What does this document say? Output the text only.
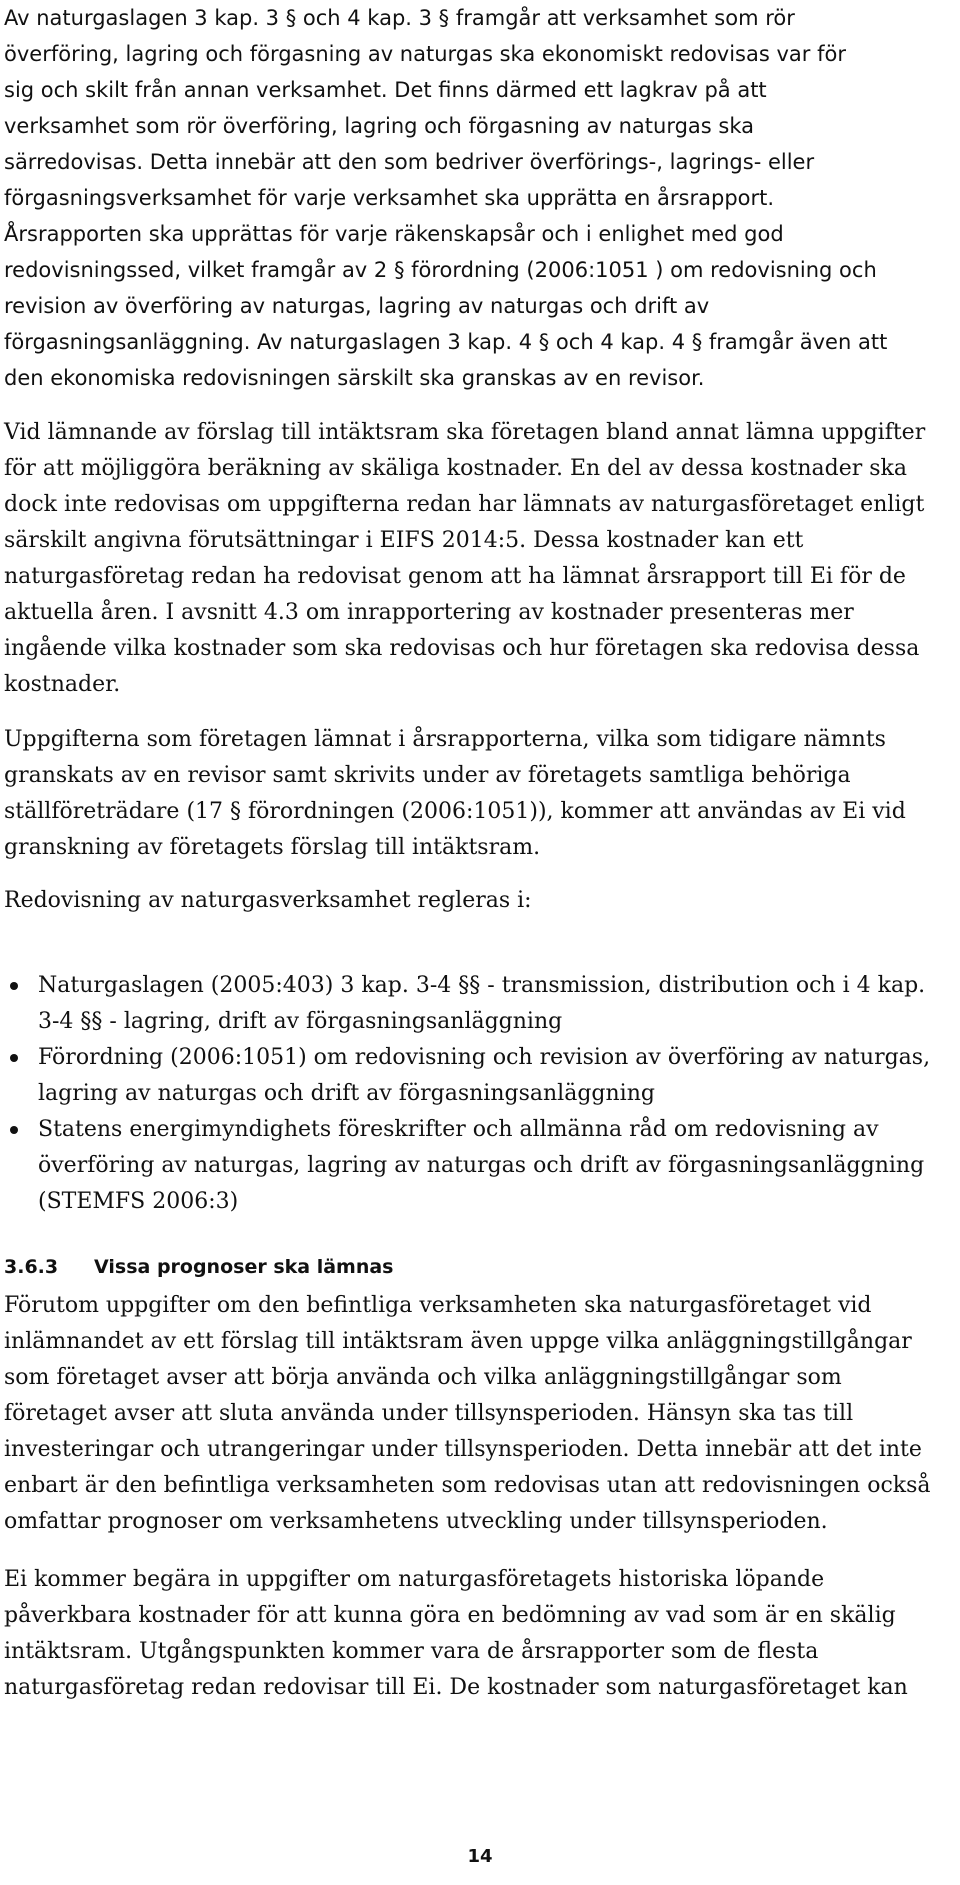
Av naturgaslagen 3 kap. 3 § och 4 kap. 3 § framgår att verksamhet som rör
överföring, lagring och förgasning av naturgas ska ekonomiskt redovisas var för
sig och skilt från annan verksamhet. Det finns därmed ett lagkrav på att
verksamhet som rör överföring, lagring och förgasning av naturgas ska
särredovisas. Detta innebär att den som bedriver överförings-, lagrings- eller
förgasningsverksamhet för varje verksamhet ska upprätta en årsrapport.
Årsrapporten ska upprättas för varje räkenskapsår och i enlighet med god
redovisningssed, vilket framgår av 2 § förordning (2006:1051 ) om redovisning och
revision av överföring av naturgas, lagring av naturgas och drift av
förgasningsanläggning. Av naturgaslagen 3 kap. 4 § och 4 kap. 4 § framgår även att
den ekonomiska redovisningen särskilt ska granskas av en revisor.
Vid lämnande av förslag till intäktsram ska företagen bland annat lämna uppgifter
för att möjliggöra beräkning av skäliga kostnader. En del av dessa kostnader ska
dock inte redovisas om uppgifterna redan har lämnats av naturgasföretaget enligt
särskilt angivna förutsättningar i EIFS 2014:5. Dessa kostnader kan ett
naturgasföretag redan ha redovisat genom att ha lämnat årsrapport till Ei för de
aktuella åren. I avsnitt 4.3 om inrapportering av kostnader presenteras mer
ingående vilka kostnader som ska redovisas och hur företagen ska redovisa dessa
kostnader.
Uppgifterna som företagen lämnat i årsrapporterna, vilka som tidigare nämnts
granskats av en revisor samt skrivits under av företagets samtliga behöriga
ställföreträdare (17 § förordningen (2006:1051)), kommer att användas av Ei vid
granskning av företagets förslag till intäktsram.
Redovisning av naturgasverksamhet regleras i:
Naturgaslagen (2005:403) 3 kap. 3-4 §§ - transmission, distribution och i 4 kap.
3-4 §§ - lagring, drift av förgasningsanläggning
Förordning (2006:1051) om redovisning och revision av överföring av naturgas,
lagring av naturgas och drift av förgasningsanläggning
Statens energimyndighets föreskrifter och allmänna råd om redovisning av
överföring av naturgas, lagring av naturgas och drift av förgasningsanläggning
(STEMFS 2006:3)
3.6.3 Vissa prognoser ska lämnas
Förutom uppgifter om den befintliga verksamheten ska naturgasföretaget vid
inlämnandet av ett förslag till intäktsram även uppge vilka anläggningstillgångar
som företaget avser att börja använda och vilka anläggningstillgångar som
företaget avser att sluta använda under tillsynsperioden. Hänsyn ska tas till
investeringar och utrangeringar under tillsynsperioden. Detta innebär att det inte
enbart är den befintliga verksamheten som redovisas utan att redovisningen också
omfattar prognoser om verksamhetens utveckling under tillsynsperioden.
Ei kommer begära in uppgifter om naturgasföretagets historiska löpande
påverkbara kostnader för att kunna göra en bedömning av vad som är en skälig
intäktsram. Utgångspunkten kommer vara de årsrapporter som de flesta
naturgasföretag redan redovisar till Ei. De kostnader som naturgasföretaget kan
14
